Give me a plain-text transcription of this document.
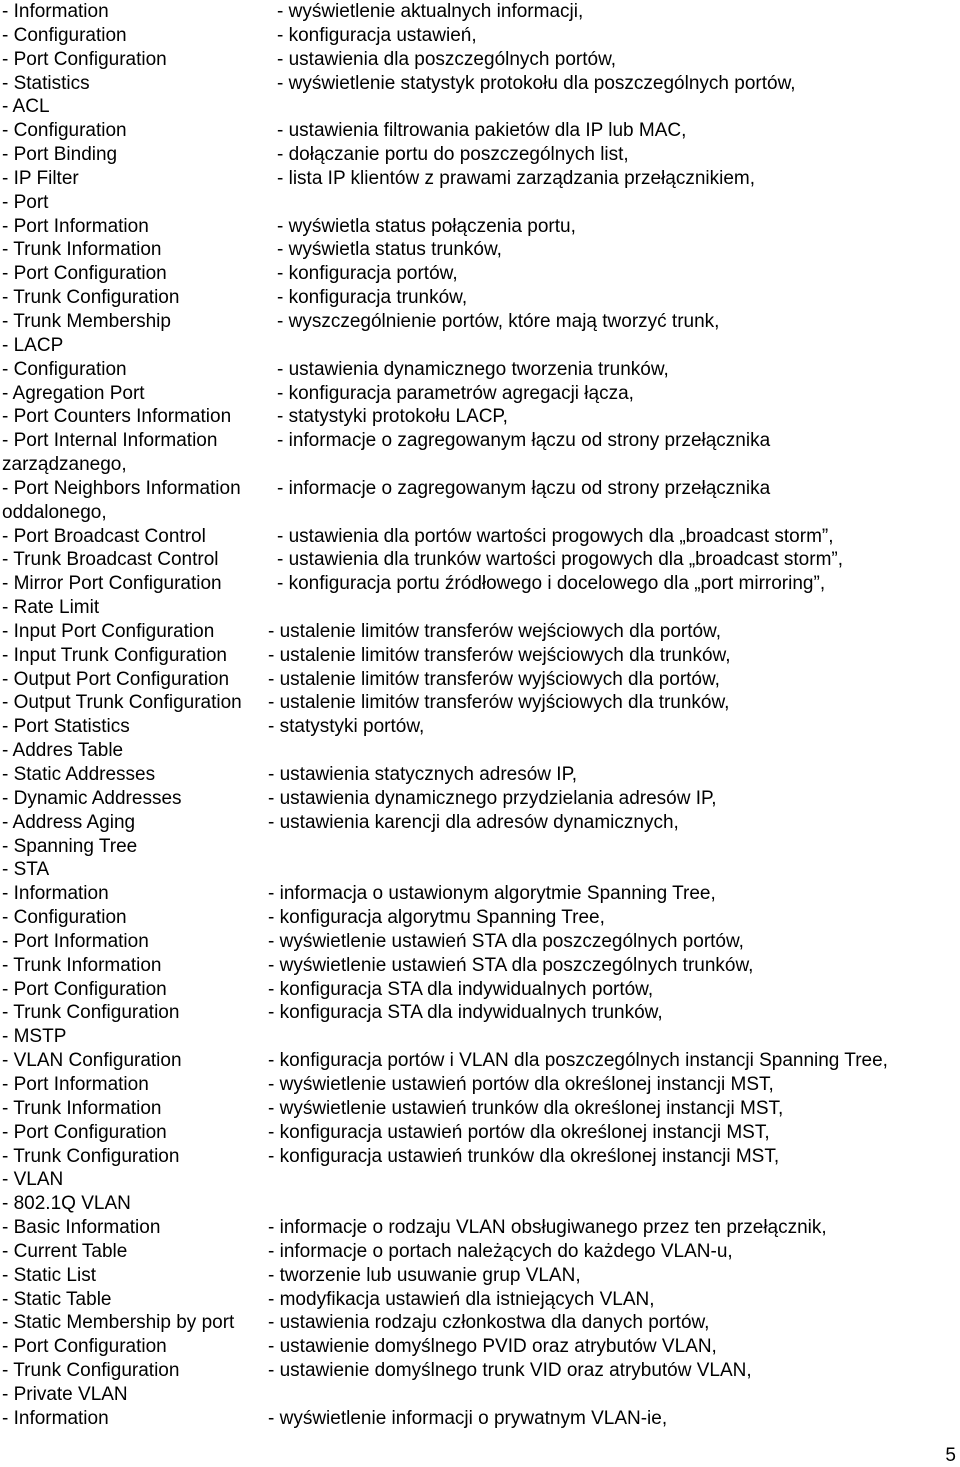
- Information	- wyświetlenie aktualnych informacji,
- Configuration	- konfiguracja ustawień,
- Port Configuration	- ustawienia dla poszczególnych portów,
- Statistics	- wyświetlenie statystyk protokołu dla poszczególnych portów,
- ACL
- Configuration	- ustawienia filtrowania pakietów dla IP lub MAC,
- Port Binding	- dołączanie portu do poszczególnych list,
- IP Filter	- lista IP klientów z prawami zarządzania przełącznikiem,
- Port
- Port Information	- wyświetla status połączenia portu,
- Trunk Information	- wyświetla status trunków,
- Port Configuration	- konfiguracja portów,
- Trunk Configuration	- konfiguracja trunków,
- Trunk Membership	- wyszczególnienie portów, które mają tworzyć trunk,
- LACP
- Configuration	- ustawienia dynamicznego tworzenia trunków,
- Agregation Port	- konfiguracja parametrów agregacji łącza,
- Port Counters Information - statystyki protokołu LACP,
- Port Internal Information	- informacje o zagregowanym łączu od strony przełącznika
zarządzanego,
- Port Neighbors Information - informacje o zagregowanym łączu od strony przełącznika
oddalonego,
- Port Broadcast Control	- ustawienia dla portów wartości progowych dla „broadcast storm”,
- Trunk Broadcast Control	- ustawienia dla trunków wartości progowych dla „broadcast storm”,
- Mirror Port Configuration	- konfiguracja portu źródłowego i docelowego dla „port mirroring”,
- Rate Limit
- Input Port Configuration	- ustalenie limitów transferów wejściowych dla portów,
- Input Trunk Configuration - ustalenie limitów transferów wejściowych dla trunków,
- Output Port Configuration - ustalenie limitów transferów wyjściowych dla portów,
- Output Trunk Configuration - ustalenie limitów transferów wyjściowych dla trunków,
- Port Statistics	- statystyki portów,
- Addres Table
- Static Addresses	- ustawienia statycznych adresów IP,
- Dynamic Addresses	- ustawienia dynamicznego przydzielania adresów IP,
- Address Aging	- ustawienia karencji dla adresów dynamicznych,
- Spanning Tree
- STA
- Information	- informacja o ustawionym algorytmie Spanning Tree,
- Configuration	- konfiguracja algorytmu Spanning Tree,
- Port Information	- wyświetlenie ustawień STA dla poszczególnych portów,
- Trunk Information	- wyświetlenie ustawień STA dla poszczególnych trunków,
- Port Configuration	- konfiguracja STA dla indywidualnych portów,
- Trunk Configuration	- konfiguracja STA dla indywidualnych trunków,
- MSTP
- VLAN Configuration	- konfiguracja portów i VLAN dla poszczególnych instancji Spanning Tree,
- Port Information	- wyświetlenie ustawień portów dla określonej instancji MST,
- Trunk Information	- wyświetlenie ustawień trunków dla określonej instancji MST,
- Port Configuration	- konfiguracja ustawień portów dla określonej instancji MST,
- Trunk Configuration	- konfiguracja ustawień trunków dla określonej instancji MST,
- VLAN
- 802.1Q VLAN
- Basic Information	- informacje o rodzaju VLAN obsługiwanego przez ten przełącznik,
- Current Table	- informacje o portach należących do każdego VLAN-u,
- Static List	- tworzenie lub usuwanie grup VLAN,
- Static Table	- modyfikacja ustawień dla istniejących VLAN,
- Static Membership by port - ustawienia rodzaju członkostwa dla danych portów,
- Port Configuration	- ustawienie domyślnego PVID oraz atrybutów VLAN,
- Trunk Configuration	- ustawienie domyślnego trunk VID oraz atrybutów VLAN,
- Private VLAN
- Information	- wyświetlenie informacji o prywatnym VLAN-ie,
5
